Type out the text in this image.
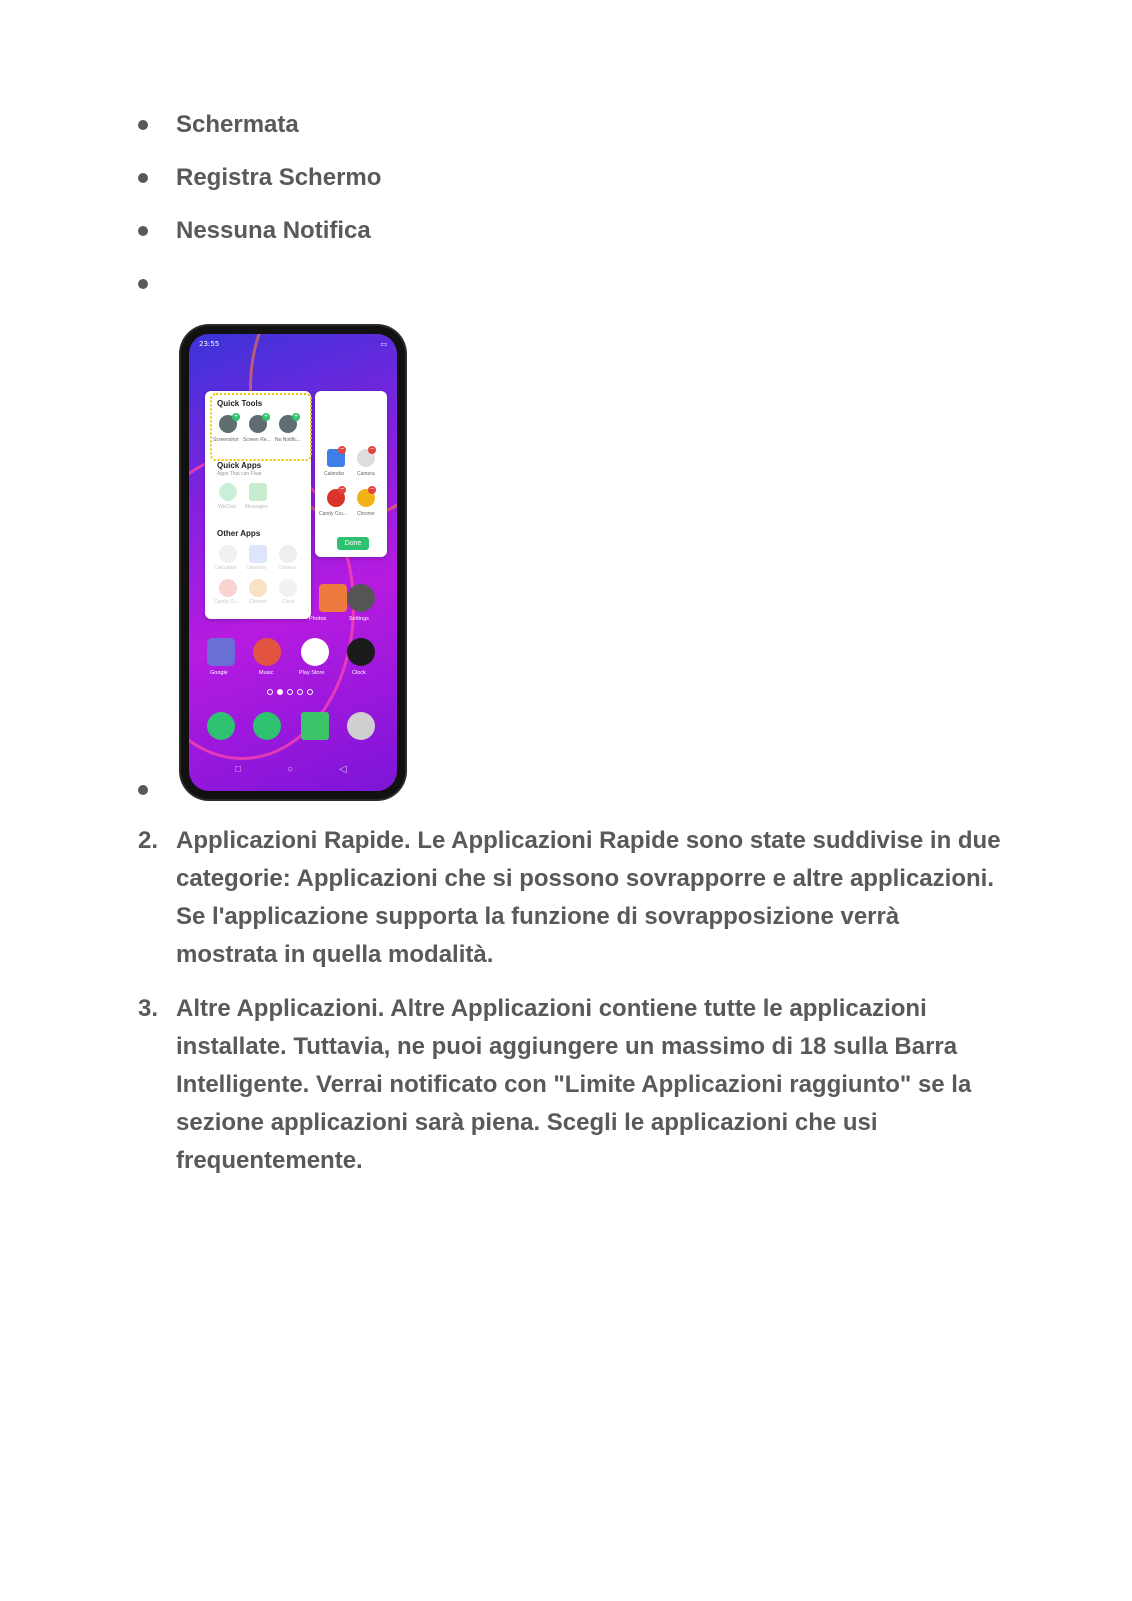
Schermata
Registra Schermo
Nessuna Notifica
23:55	▭
Quick Tools
+	+	+
Screenshot Screen Re... No Notific...
Quick Apps
Apps That can Float
WeChat Messages
Other Apps
Calculator Calendar Camera
Candy Cr... Chrome	Clock
−	−
Calendar	Camera
−	−
Candy Cru... Chrome
Done
Photos	Settings
Google	Music	Play Store	Clock
□	○	◁
2. Applicazioni Rapide. Le Applicazioni Rapide sono state suddivise in due
categorie: Applicazioni che si possono sovrapporre e altre applicazioni.
Se l'applicazione supporta la funzione di sovrapposizione verrà
mostrata in quella modalità.
3. Altre Applicazioni. Altre Applicazioni contiene tutte le applicazioni
installate. Tuttavia, ne puoi aggiungere un massimo di 18 sulla Barra
Intelligente. Verrai notificato con "Limite Applicazioni raggiunto" se la
sezione applicazioni sarà piena. Scegli le applicazioni che usi
frequentemente.
